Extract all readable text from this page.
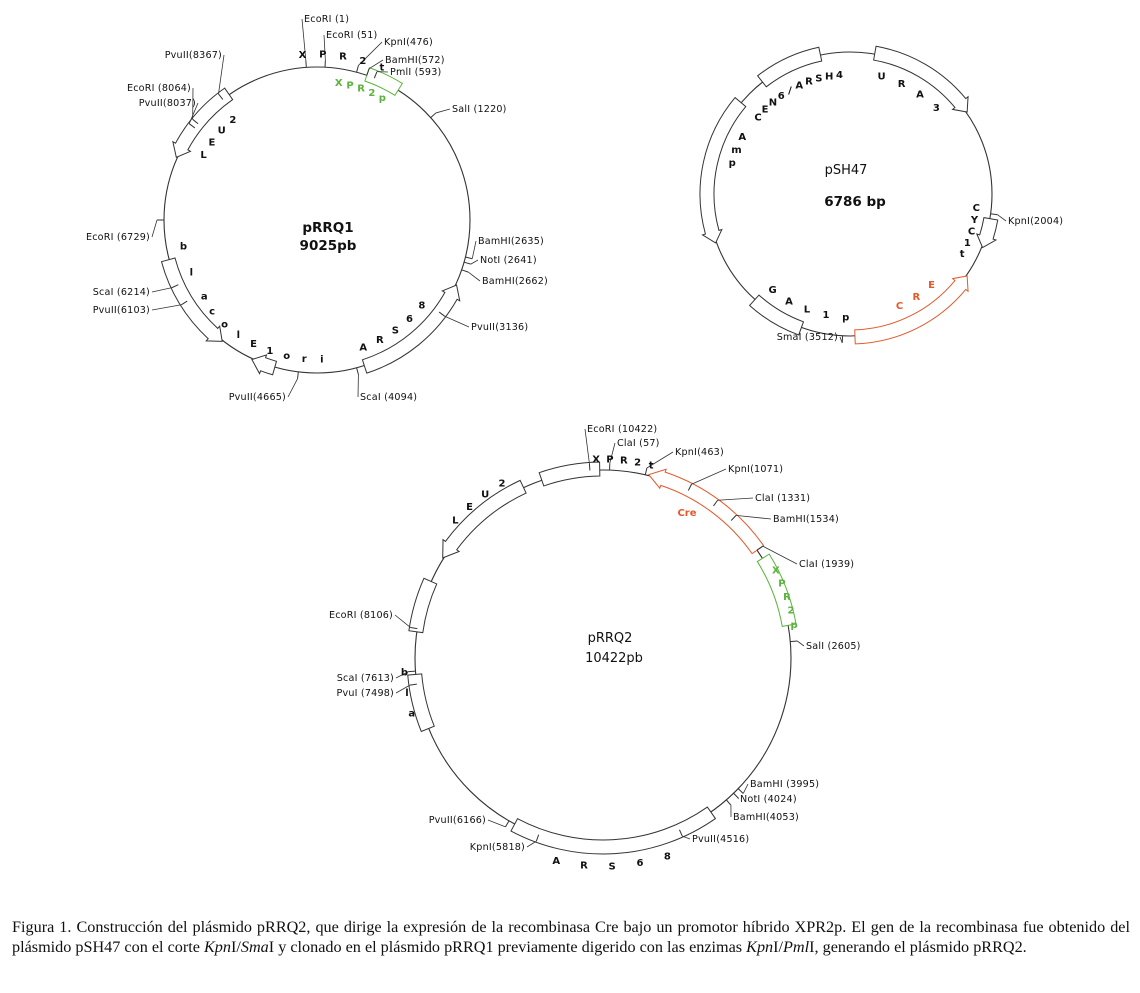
EcoRI (1)
EcoRI (51)
KpnI(476)
BamHI(572)
PmlI (593)
SalI (1220)
BamHI(2635)
NotI (2641)
BamHI(2662)
PvuII(3136)
ScaI (4094)
PvuII(4665)
PvuII(6103)
ScaI (6214)
EcoRI (6729)
PvuII(8037)
EcoRI (8064)
PvuII(8367)	X P R 2
t
X P R 2 p
L
E
U
2
b
l
a
c
o
l
E
1 o r i
A
R
S
6
8
pRRQ1
9025pb
KpnI(2004)
SmaI (3512)
U
R
A
3
C
E
N
6
/ A R S H 4
A
m
p
C
Y
C
1
t
G
A
L 1 p
C
R
E
pSH47
6786 bp
EcoRI (10422)
ClaI (57)
KpnI(463)
KpnI(1071)
ClaI (1331)
BamHI(1534)
ClaI (1939)
SalI (2605)
BamHI (3995)
NotI (4024)
BamHI(4053)
PvuII(4516)
KpnI(5818)
PvuII(6166)
PvuI (7498)
ScaI (7613)
EcoRI (8106)
X P R 2 t
Cre
X
P
R
2
p
L
E
U
2
A R S 6
8
b
l
a
pRRQ2
10422pb
Figura 1. Construcción del plásmido pRRQ2, que dirige la expresión de la recombinasa Cre bajo un promotor híbrido XPR2p. El gen de la recombinasa fue obtenido del plásmido pSH47 con el corte KpnI/SmaI y clonado en el plásmido pRRQ1 previamente digerido con las enzimas KpnI/PmlI, generando el plásmido pRRQ2.
